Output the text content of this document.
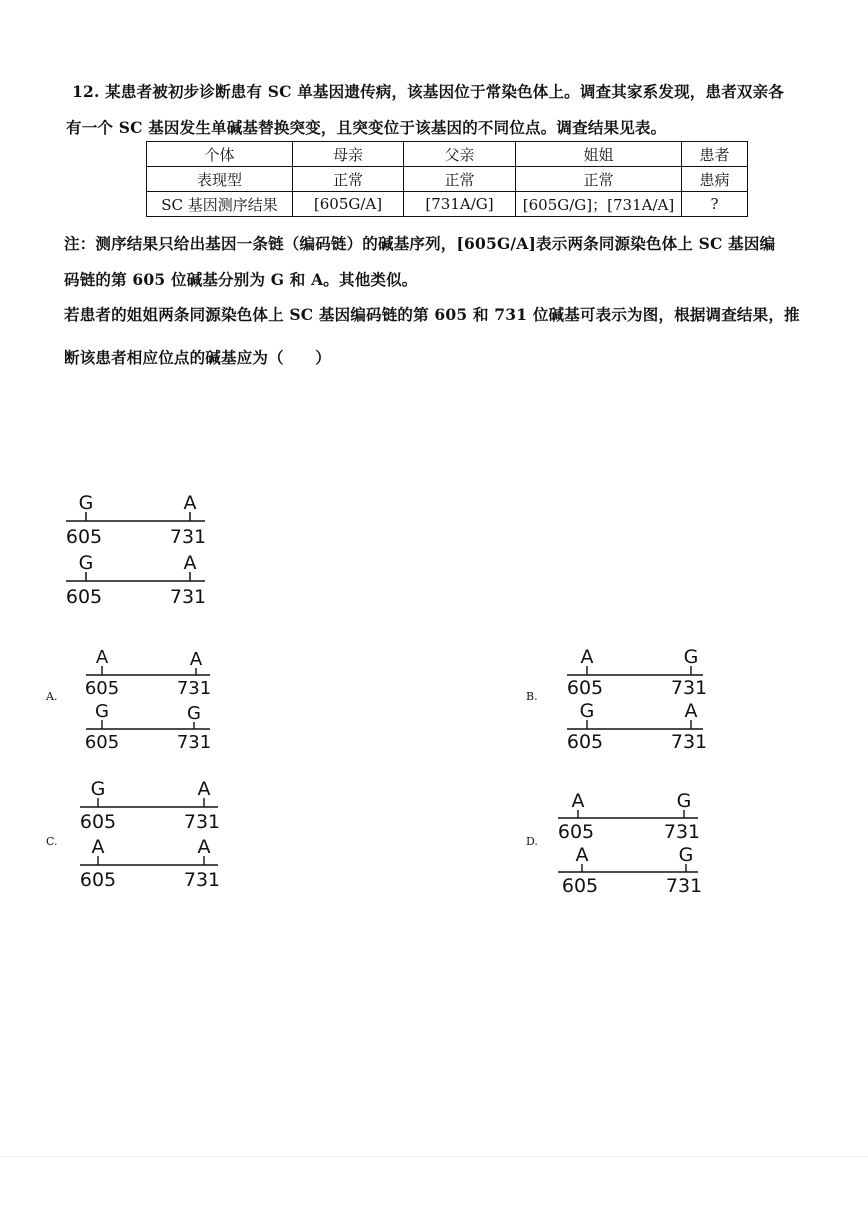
12. 某患者被初步诊断患有 SC 单基因遗传病，该基因位于常染色体上。调查其家系发现，患者双亲各
有一个 SC 基因发生单碱基替换突变，且突变位于该基因的不同位点。调查结果见表。
个体	母亲	父亲	姐姐	患者
表现型	正常	正常	正常	患病
SC 基因测序结果	[605G/A]	[731A/G]	[605G/G]；[731A/A]	?
注：测序结果只给出基因一条链（编码链）的碱基序列，[605G/A]表示两条同源染色体上 SC 基因编
码链的第 605 位碱基分别为 G 和 A。其他类似。
若患者的姐姐两条同源染色体上 SC 基因编码链的第 605 和 731 位碱基可表示为图，根据调查结果，推
断该患者相应位点的碱基应为（　　）
G	A
605	731
G	A
605	731
A.
A	A
605	731
G	G
605	731
B.
A	G
605	731
G	A
605	731
C.
G	A
605	731
A	A
605	731
D.
A	G
605	731
A	G
605	731
